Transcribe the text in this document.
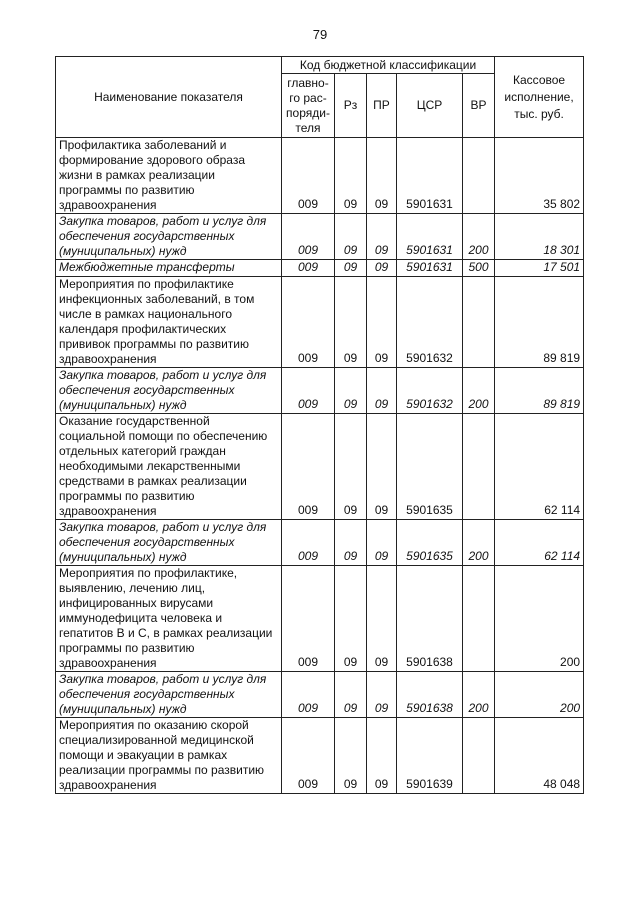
79
Наименование показателя	Код бюджетной классификации					Кассовое исполнение, тыс. руб.
	главно-го рас-поряди-теля	Рз	ПР	ЦСР	ВР	
Профилактика заболеваний и формирование здорового образа жизни в рамках реализации программы по развитию здравоохранения	009	09	09	5901631		35 802
Закупка товаров, работ и услуг для обеспечения государственных (муниципальных) нужд	009	09	09	5901631	200	18 301
Межбюджетные трансферты	009	09	09	5901631	500	17 501
Мероприятия по профилактике инфекционных заболеваний, в том числе в рамках национального календаря профилактических прививок программы по развитию здравоохранения	009	09	09	5901632		89 819
Закупка товаров, работ и услуг для обеспечения государственных (муниципальных) нужд	009	09	09	5901632	200	89 819
Оказание государственной социальной помощи по обеспечению отдельных категорий граждан необходимыми лекарственными средствами в рамках реализации программы по развитию здравоохранения	009	09	09	5901635		62 114
Закупка товаров, работ и услуг для обеспечения государственных (муниципальных) нужд	009	09	09	5901635	200	62 114
Мероприятия по профилактике, выявлению, лечению лиц, инфицированных вирусами иммунодефицита человека и гепатитов В и С, в рамках реализации программы по развитию здравоохранения	009	09	09	5901638		200
Закупка товаров, работ и услуг для обеспечения государственных (муниципальных) нужд	009	09	09	5901638	200	200
Мероприятия по оказанию скорой специализированной медицинской помощи и эвакуации в рамках реализации программы по развитию здравоохранения	009	09	09	5901639		48 048
